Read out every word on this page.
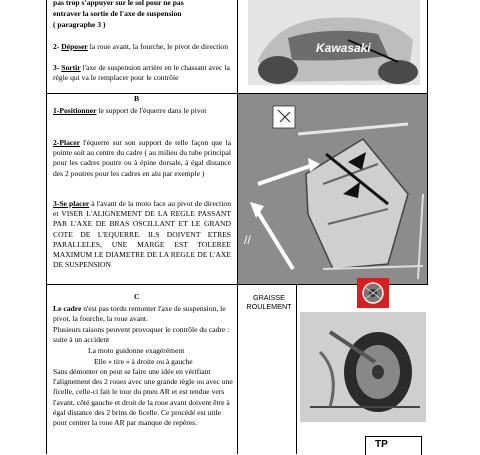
pas trop s'appuyer sur le sol pour ne pas
entraver la sortie de l'axe de suspension
( paragraphe 3 )
2- Déposer la roue avant, la fourche, le pivot de direction
3- Sortir l'axe de suspension arrière en le chassant avec la règle qui va le remplacer pour le contrôle
Kawasaki
B
1-Positionner le support de l'équerre dans le pivot
2-Placer l'équerre sur son support de telle façon que la pointe soit au centre du cadre ( au milieu du tube principal pour les cadres poutre ou à épine dorsale, à égal distance des 2 poutres pour les cadres en alu par exemple )
3-Se placer à l'avant de la moto face au pivot de direction et VISER L'ALIGNEMENT DE LA REGLE PASSANT PAR L'AXE DE BRAS OSCILLANT ET LE GRAND COTE DE L'EQUERRE. ILS DOIVENT ETRES PARALLELES, UNE MARGE EST TOLEREE MAXIMUM LE DIAMETRE DE LA REGLE DE L'AXE DE SUSPENSION
//
C
Le cadre n'est pas tordu remonter l'axe de suspension, le pivot, la fourche, la roue avant.
Plusieurs raisons peuvent provoquer le contrôle du cadre : suite à un accident
La moto guidonne exagérément
Elle « tire » à droite ou à gauche
Sans démonter on peut se faire une idée en vérifiant l'alignement des 2 roues avec une grande règle ou avec une ficelle, celle-ci fait le tour du pneu AR et est tendue vers l'avant, côté gauche et droit de la roue avant doivent être à égal distance des 2 brins de ficelle. Ce procédé est utile pour centrer la roue AR par manque de repères.
GRAISSE
ROULEMENT
TP
